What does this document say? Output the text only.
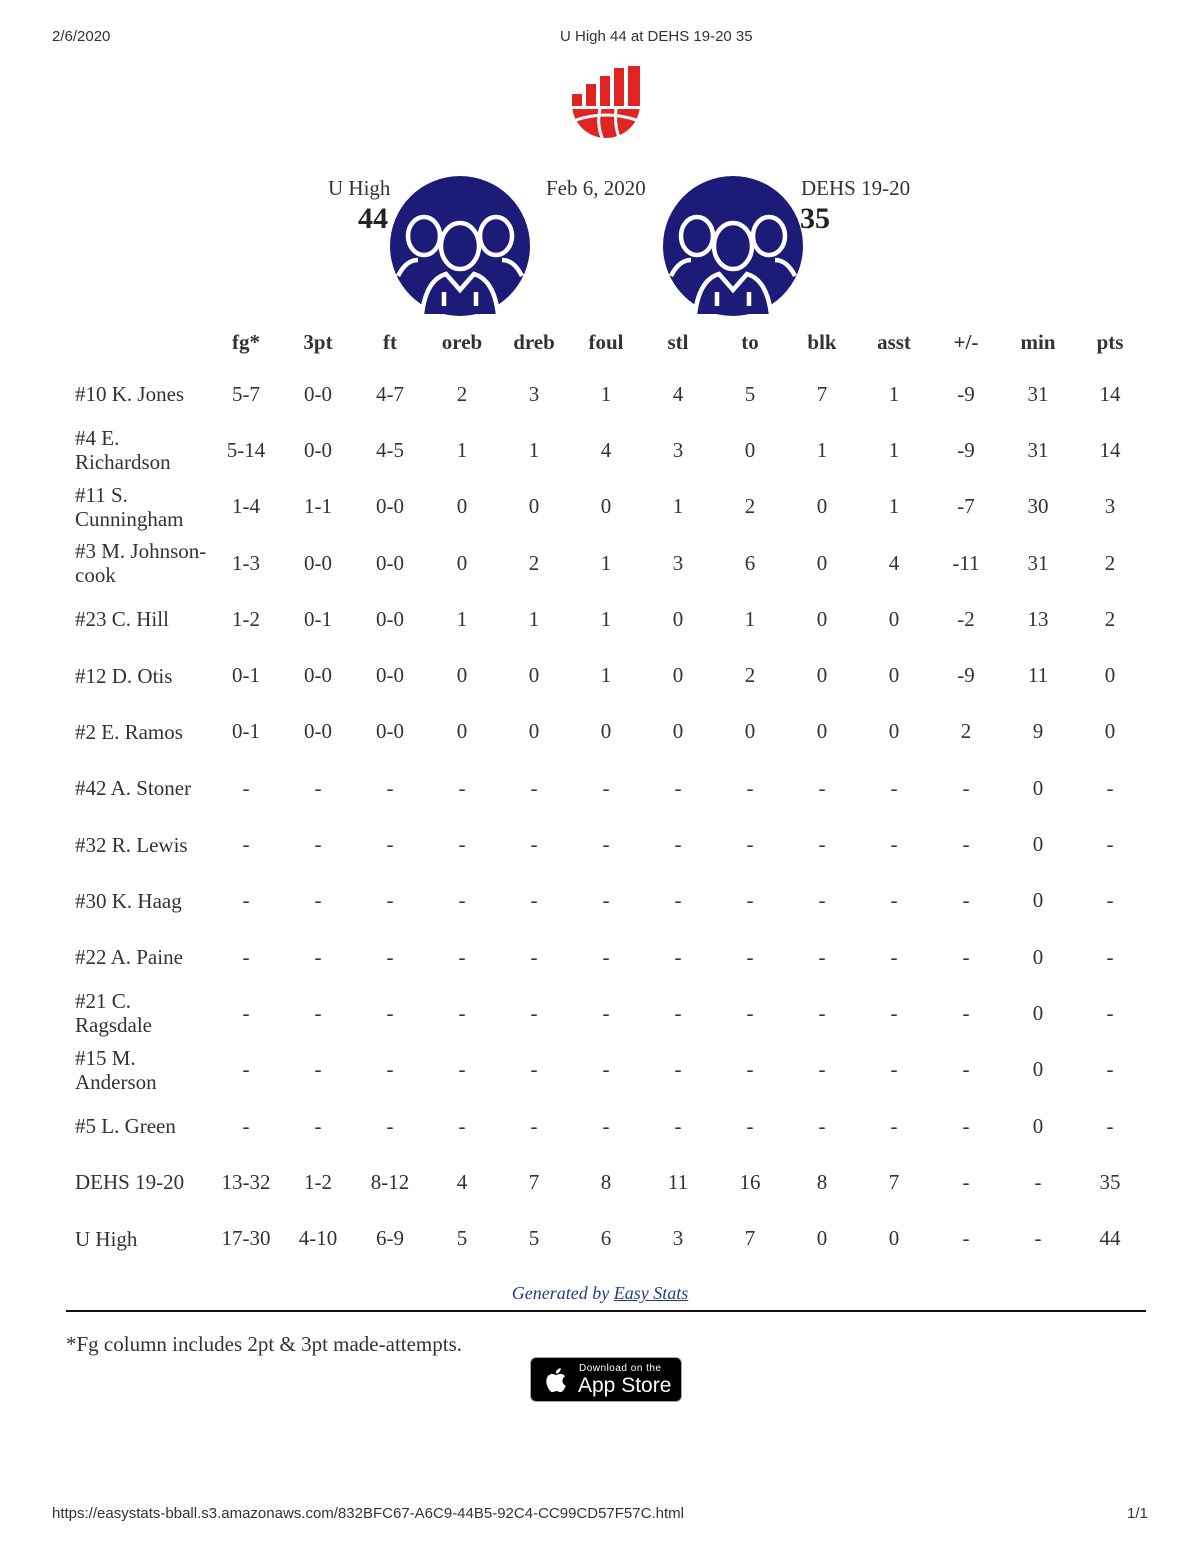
2/6/2020	U High 44 at DEHS 19-20 35
U High
44
Feb 6, 2020	DEHS 19-20
35
	fg*	3pt	ft	oreb	dreb	foul	stl	to	blk	asst	+/-	min	pts
#10 K. Jones	5-7	0-0	4-7	2	3	1	4	5	7	1	-9	31	14
#4 E. Richardson	5-14	0-0	4-5	1	1	4	3	0	1	1	-9	31	14
#11 S. Cunningham	1-4	1-1	0-0	0	0	0	1	2	0	1	-7	30	3
#3 M. Johnson-cook	1-3	0-0	0-0	0	2	1	3	6	0	4	-11	31	2
#23 C. Hill	1-2	0-1	0-0	1	1	1	0	1	0	0	-2	13	2
#12 D. Otis	0-1	0-0	0-0	0	0	1	0	2	0	0	-9	11	0
#2 E. Ramos	0-1	0-0	0-0	0	0	0	0	0	0	0	2	9	0
#42 A. Stoner	-	-	-	-	-	-	-	-	-	-	-	0	-
#32 R. Lewis	-	-	-	-	-	-	-	-	-	-	-	0	-
#30 K. Haag	-	-	-	-	-	-	-	-	-	-	-	0	-
#22 A. Paine	-	-	-	-	-	-	-	-	-	-	-	0	-
#21 C. Ragsdale	-	-	-	-	-	-	-	-	-	-	-	0	-
#15 M. Anderson	-	-	-	-	-	-	-	-	-	-	-	0	-
#5 L. Green	-	-	-	-	-	-	-	-	-	-	-	0	-
DEHS 19-20	13-32	1-2	8-12	4	7	8	11	16	8	7	-	-	35
U High	17-30	4-10	6-9	5	5	6	3	7	0	0	-	-	44
Generated by Easy Stats
*Fg column includes 2pt & 3pt made-attempts.
Download on the
App Store
https://easystats-bball.s3.amazonaws.com/832BFC67-A6C9-44B5-92C4-CC99CD57F57C.html	1/1
